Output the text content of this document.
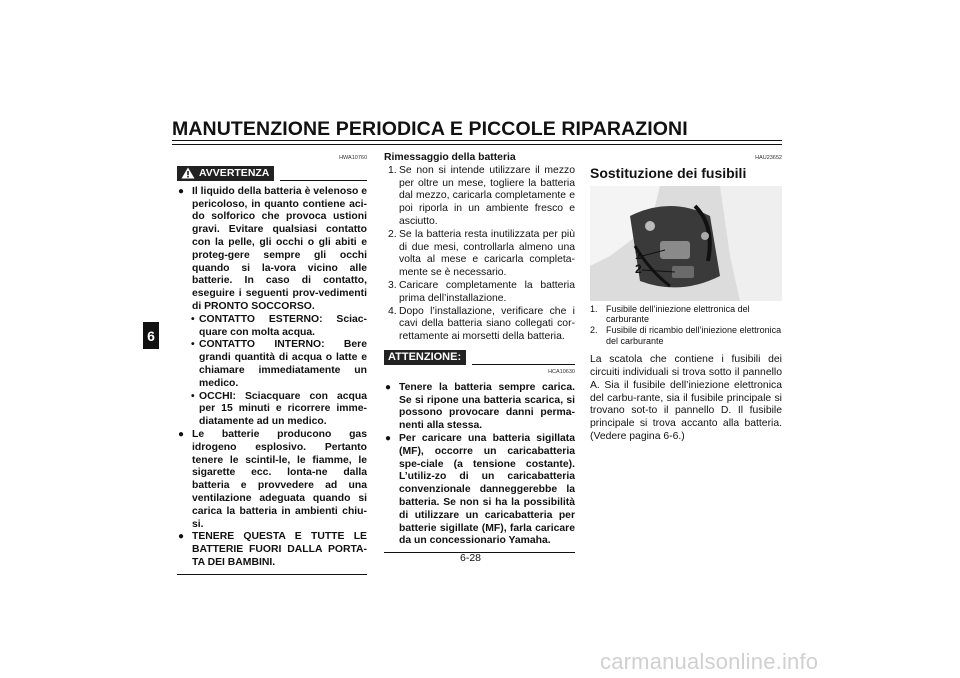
MANUTENZIONE PERIODICA E PICCOLE RIPARAZIONI
6
HWA10760
AVVERTENZA
● Il liquido della batteria è velenoso e pericoloso, in quanto contiene aci-do solforico che provoca ustioni gravi. Evitare qualsiasi contatto con la pelle, gli occhi o gli abiti e proteg-gere sempre gli occhi quando si la-vora vicino alle batterie. In caso di contatto, eseguire i seguenti prov-vedimenti di PRONTO SOCCORSO.
• CONTATTO ESTERNO: Sciac-quare con molta acqua.
• CONTATTO INTERNO: Bere grandi quantità di acqua o latte e chiamare immediatamente un medico.
• OCCHI: Sciacquare con acqua per 15 minuti e ricorrere imme-diatamente ad un medico.
● Le batterie producono gas idrogeno esplosivo. Pertanto tenere le scintil-le, le fiamme, le sigarette ecc. lonta-ne dalla batteria e provvedere ad una ventilazione adeguata quando si carica la batteria in ambienti chiu-si.
● TENERE QUESTA E TUTTE LE BATTERIE FUORI DALLA PORTA-TA DEI BAMBINI.
Rimessaggio della batteria
1. Se non si intende utilizzare il mezzo per oltre un mese, togliere la batteria dal mezzo, caricarla completamente e poi riporla in un ambiente fresco e asciutto.
2. Se la batteria resta inutilizzata per più di due mesi, controllarla almeno una volta al mese e caricarla completa-mente se è necessario.
3. Caricare completamente la batteria prima dell’installazione.
4. Dopo l’installazione, verificare che i cavi della batteria siano collegati cor-rettamente ai morsetti della batteria.
ATTENZIONE:
HCA10630
● Tenere la batteria sempre carica. Se si ripone una batteria scarica, si possono provocare danni perma-nenti alla stessa.
● Per caricare una batteria sigillata (MF), occorre un caricabatteria spe-ciale (a tensione costante). L’utiliz-zo di un caricabatteria convenzionale danneggerebbe la batteria. Se non si ha la possibilità di utilizzare un caricabatteria per batterie sigillate (MF), farla caricare da un concessionario Yamaha.
HAU23652
Sostituzione dei fusibili
1
2
1. Fusibile dell’iniezione elettronica del carburante
2. Fusibile di ricambio dell’iniezione elettronica del carburante

La scatola che contiene i fusibili dei circuiti individuali si trova sotto il pannello A. Sia il fusibile dell’iniezione elettronica del carbu-rante, sia il fusibile principale si trovano sot-to il pannello D. Il fusibile principale si trova accanto alla batteria. (Vedere pagina 6-6.)

6-28
carmanualsonline.info
